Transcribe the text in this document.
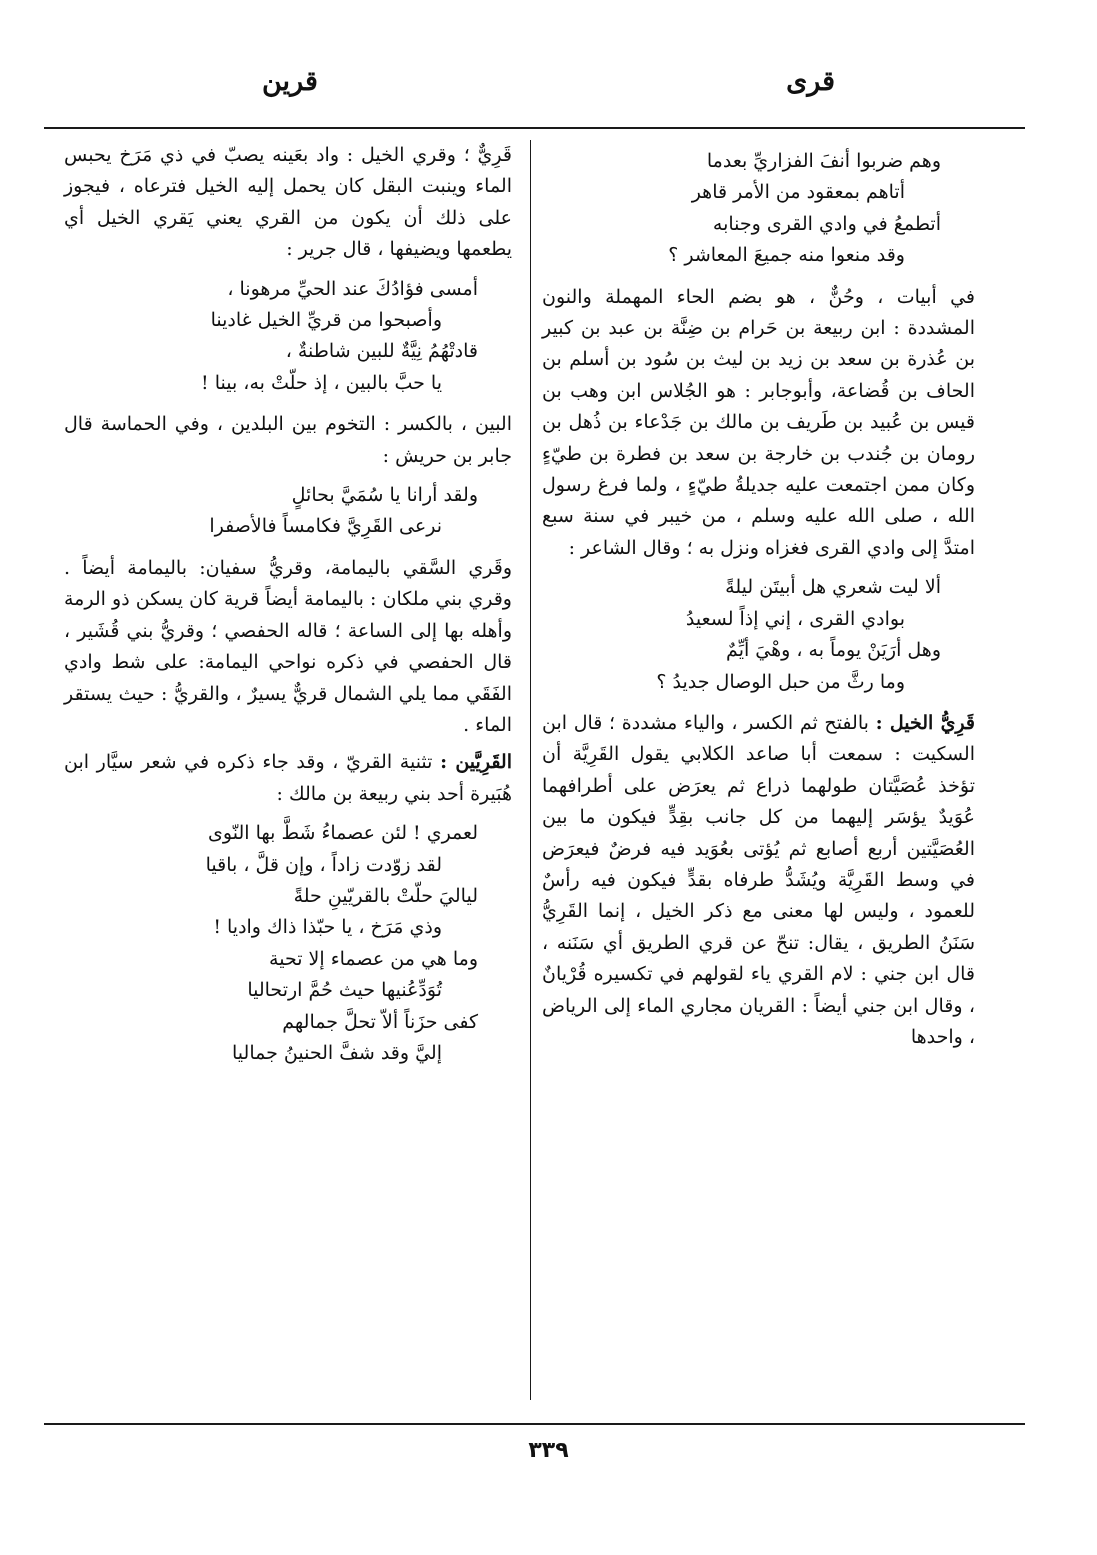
قرى
قرين

وهم ضربوا أنفَ الفزاريِّ بعدما

أتاهم بمعقود من الأمر قاهر

أتطمعُ في وادي القرى وجنابه

وقد منعوا منه جميعَ المعاشر ؟

في أبيات ، وحُنٌّ ، هو بضم الحاء المهملة والنون المشددة : ابن ربيعة بن حَرام بن ضِنَّة بن عبد بن كبير بن عُذرة بن سعد بن زيد بن ليث بن سُود بن أسلم بن الحاف بن قُضاعة، وأبوجابر : هو الجُلاس ابن وهب بن قيس بن عُبيد بن طَريف بن مالك بن جَدْعاء بن ذُهل بن رومان بن جُندب بن خارجة بن سعد بن فطرة بن طيّءٍ وكان ممن اجتمعت عليه جديلةُ طيّءٍ ، ولما فرغ رسول الله ، صلى الله عليه وسلم ، من خيبر في سنة سبع امتدَّ إلى وادي القرى فغزاه ونزل به ؛ وقال الشاعر :

ألا ليت شعري هل أبيتَن ليلةً

بوادي القرى ، إني إذاً لسعيدُ

وهل أرَيَنْ يوماً به ، وهْيَ أيِّمٌ

وما رثَّ من حبل الوصال جديدُ ؟

قَرِيُّ الخيل : بالفتح ثم الكسر ، والياء مشددة ؛ قال ابن السكيت : سمعت أبا صاعد الكلابي يقول القَرِيَّة أن تؤخذ عُصَيَّتان طولهما ذراع ثم يعرَض على أطرافهما عُوَيدٌ يؤسَر إليهما من كل جانب بقِدٍّ فيكون ما بين العُصَيَّتين أربع أصابع ثم يُؤتى بعُوَيد فيه فرضٌ فيعرَض في وسط القَرِيَّة ويُشَدُّ طرفاه بقدٍّ فيكون فيه رأسٌ للعمود ، وليس لها معنى مع ذكر الخيل ، إنما القَرِيُّ سَنَنُ الطريق ، يقال: تنحّ عن قري الطريق أي سَنَنه ، قال ابن جني : لام القري ياء لقولهم في تكسيره قُرْيانٌ ، وقال ابن جني أيضاً : القريان مجاري الماء إلى الرياض ، واحدها

قَرِيٌّ ؛ وقري الخيل : واد بعَينه يصبّ في ذي مَرَخ يحبس الماء وينبت البقل كان يحمل إليه الخيل فترعاه ، فيجوز على ذلك أن يكون من القري يعني يَقري الخيل أي يطعمها ويضيفها ، قال جرير :

أمسى فؤادُكَ عند الحيِّ مرهونا ،

وأصبحوا من قريِّ الخيل غادينا

قادتْهُمُ نِيَّةٌ للبين شاطنةٌ ،

يا حبَّ بالبين ، إذ حلّتْ به، بينا !

البين ، بالكسر : التخوم بين البلدين ، وفي الحماسة قال جابر بن حريش :

ولقد أرانا يا سُمَيَّ بحائلٍ

نرعى القَرِيَّ فكامساً فالأصفرا

وقَري السَّقي باليمامة، وقريُّ سفيان: باليمامة أيضاً . وقري بني ملكان : باليمامة أيضاً قرية كان يسكن ذو الرمة وأهله بها إلى الساعة ؛ قاله الحفصي ؛ وقريُّ بني قُشَير ، قال الحفصي في ذكره نواحي اليمامة: على شط وادي الفَقَي مما يلي الشمال قريٌّ يسيرٌ ، والقريُّ : حيث يستقر الماء .

القَرِيَّين : تثنية القريّ ، وقد جاء ذكره في شعر سيَّار ابن هُبَيرة أحد بني ربيعة بن مالك :

لعمري ! لئن عصماءُ شَطَّ بها النّوى

لقد زوّدت زاداً ، وإن قلَّ ، باقيا

لياليَ حلّتْ بالقريّينِ حلةً

وذي مَرَخ ، يا حبّذا ذاك واديا !

وما هي من عصماء إلا تحية

تُوَدِّعُنيها حيث حُمَّ ارتحاليا

كفى حزَناً ألاّ تحلَّ جمالهم

إليَّ وقد شفَّ الحنينُ جماليا

٣٣٩
